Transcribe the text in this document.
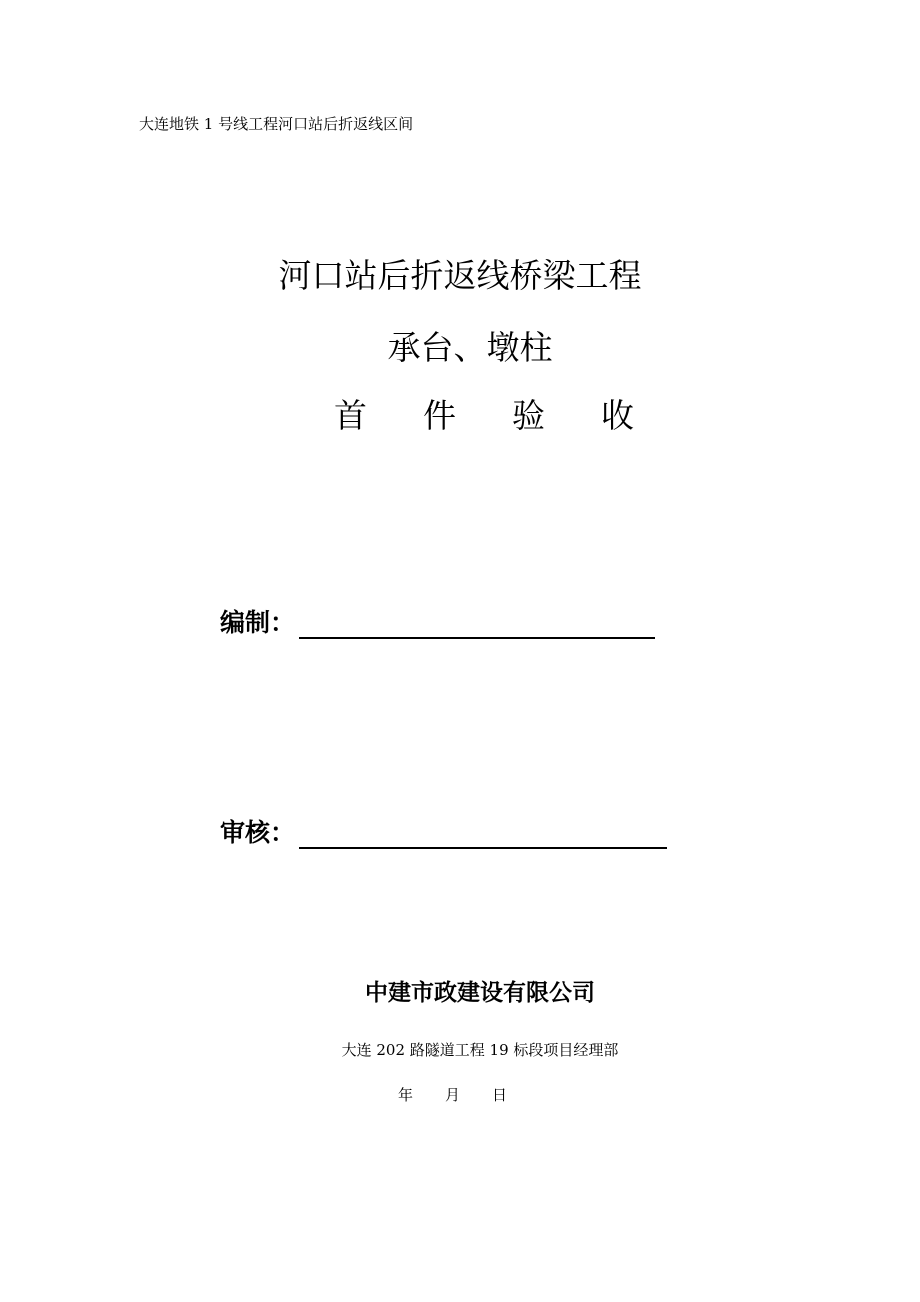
大连地铁 1 号线工程河口站后折返线区间
河口站后折返线桥梁工程
承台、墩柱
首 件 验 收
编制：
审核：
中建市政建设有限公司
大连 202 路隧道工程 19 标段项目经理部
年 月 日
